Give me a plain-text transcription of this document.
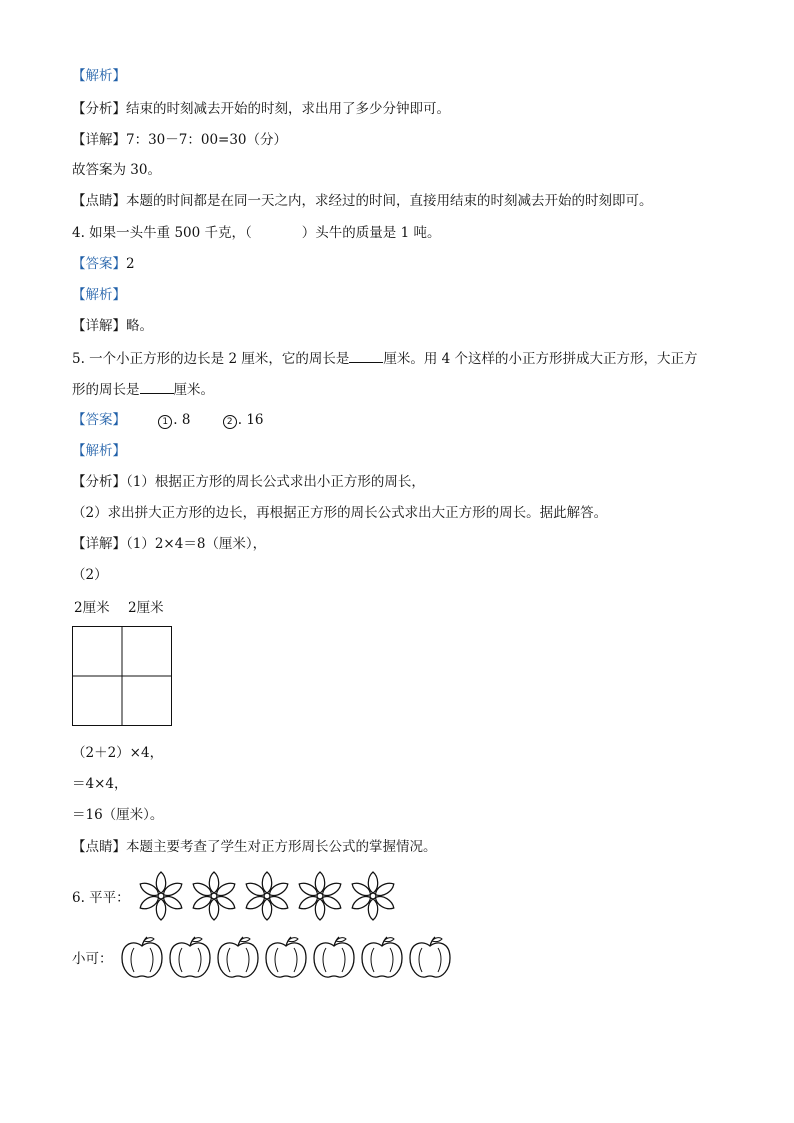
【解析】
【分析】结束的时刻减去开始的时刻，求出用了多少分钟即可。
【详解】7：30－7：00=30（分）
故答案为 30。
【点睛】本题的时间都是在同一天之内，求经过的时间，直接用结束的时刻减去开始的时刻即可。
4. 如果一头牛重 500 千克，（	）头牛的质量是 1 吨。
【答案】2
【解析】
【详解】略。
5. 一个小正方形的边长是 2 厘米，它的周长是	厘米。用 4 个这样的小正方形拼成大正方形，大正方
形的周长是	厘米。
【答案】	1 . 8	2 . 16
【解析】
【分析】（1）根据正方形的周长公式求出小正方形的周长，
（2）求出拼大正方形的边长，再根据正方形的周长公式求出大正方形的周长。据此解答。
【详解】（1）2×4＝8（厘米），
（2）
2厘米 2厘米
（2＋2）×4，
＝4×4，
＝16（厘米）。
【点睛】本题主要考查了学生对正方形周长公式的掌握情况。
6. 平平：
小可：
